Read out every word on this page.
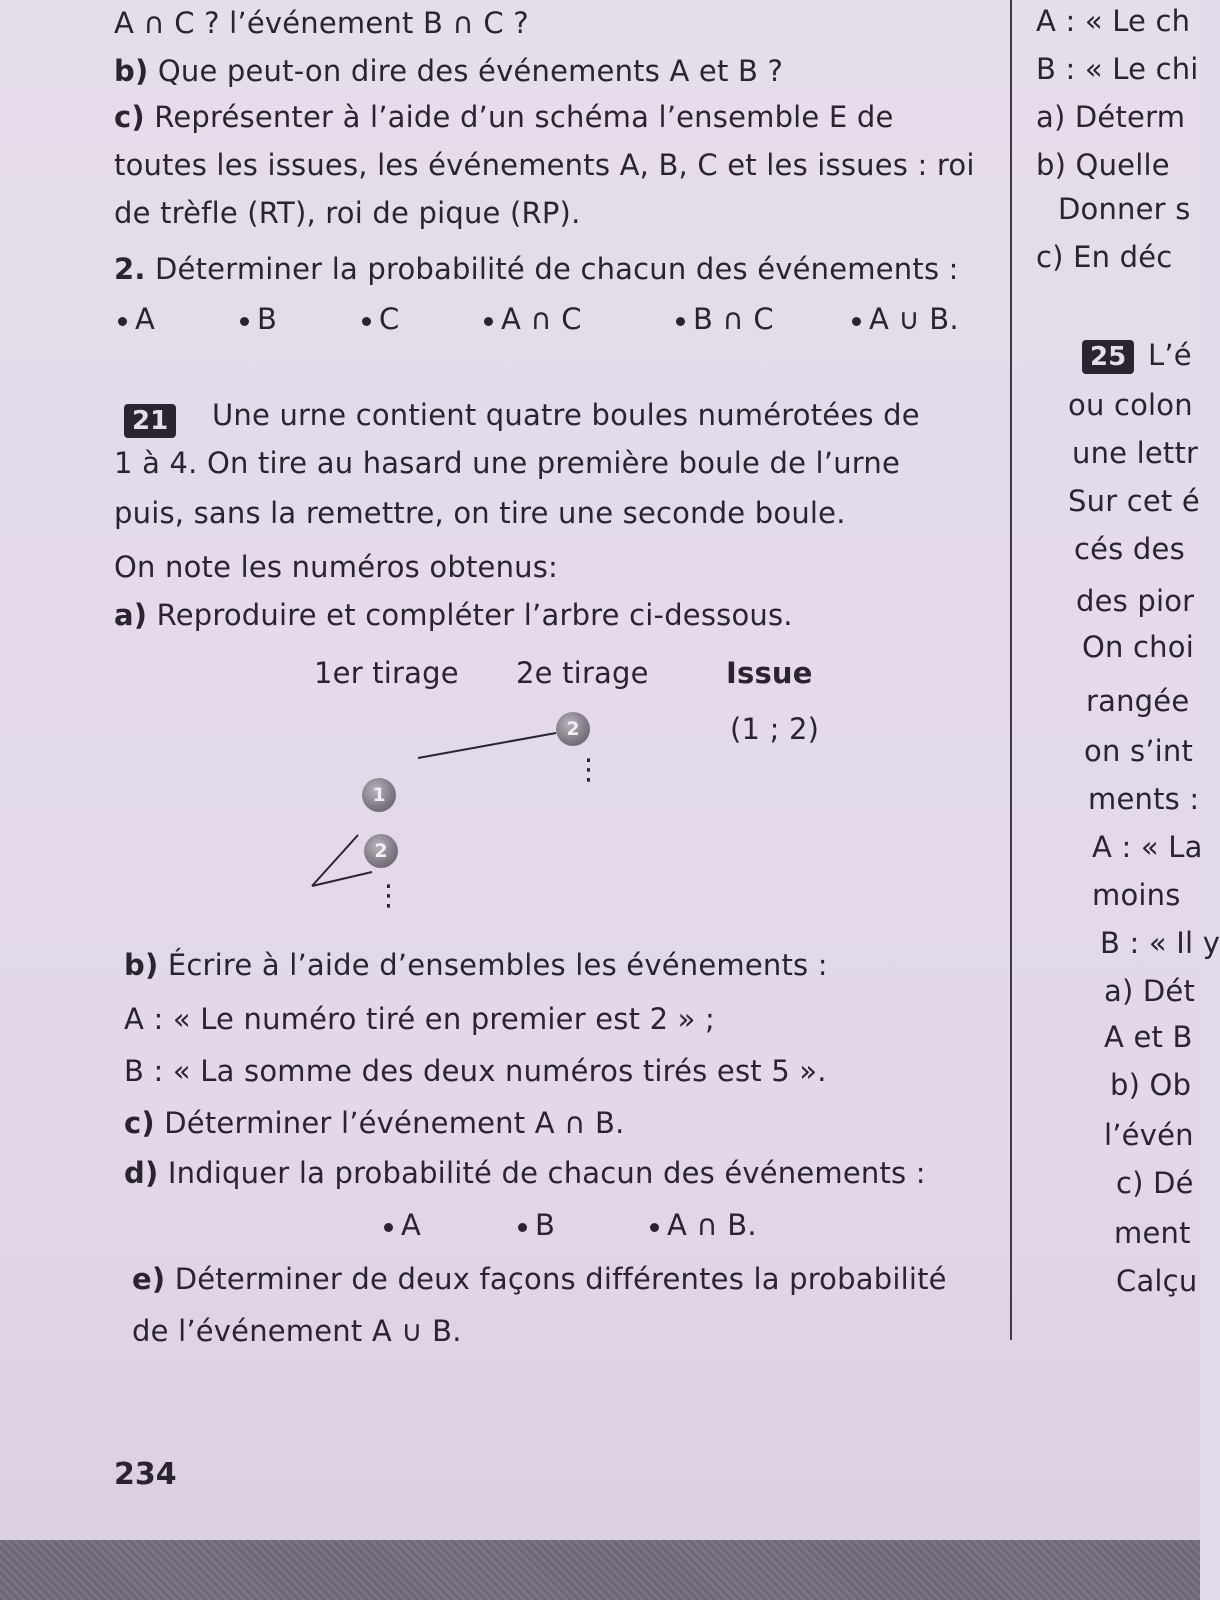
A ∩ C ? l’événement B ∩ C ?
b) Que peut-on dire des événements A et B ?
c) Représenter à l’aide d’un schéma l’ensemble E de
toutes les issues, les événements A, B, C et les issues : roi
de trèfle (RT), roi de pique (RP).
2. Déterminer la probabilité de chacun des événements :
A	B	C	A ∩ C	B ∩ C	A ∪ B.
21 Une urne contient quatre boules numérotées de
1 à 4. On tire au hasard une première boule de l’urne
puis, sans la remettre, on tire une seconde boule.
On note les numéros obtenus:
a) Reproduire et compléter l’arbre ci-dessous.
1er tirage 2e tirage	Issue
2	(1 ; 2)
⋮
1
2
⋮
b) Écrire à l’aide d’ensembles les événements :
A : « Le numéro tiré en premier est 2 » ;
B : « La somme des deux numéros tirés est 5 ».
c) Déterminer l’événement A ∩ B.
d) Indiquer la probabilité de chacun des événements :
A	B	A ∩ B.
e) Déterminer de deux façons différentes la probabilité
de l’événement A ∪ B.
234
A : « Le ch
B : « Le chi
a) Déterm
b) Quelle
Donner s
c) En déc
25 L’é
ou colon
une lettr
Sur cet é
cés des
des pior
On choi
rangée
on s’int
ments :
A : « La
moins
B : « Il y
a) Dét
A et B
b) Ob
l’évén
c) Dé
ment
Calçu
